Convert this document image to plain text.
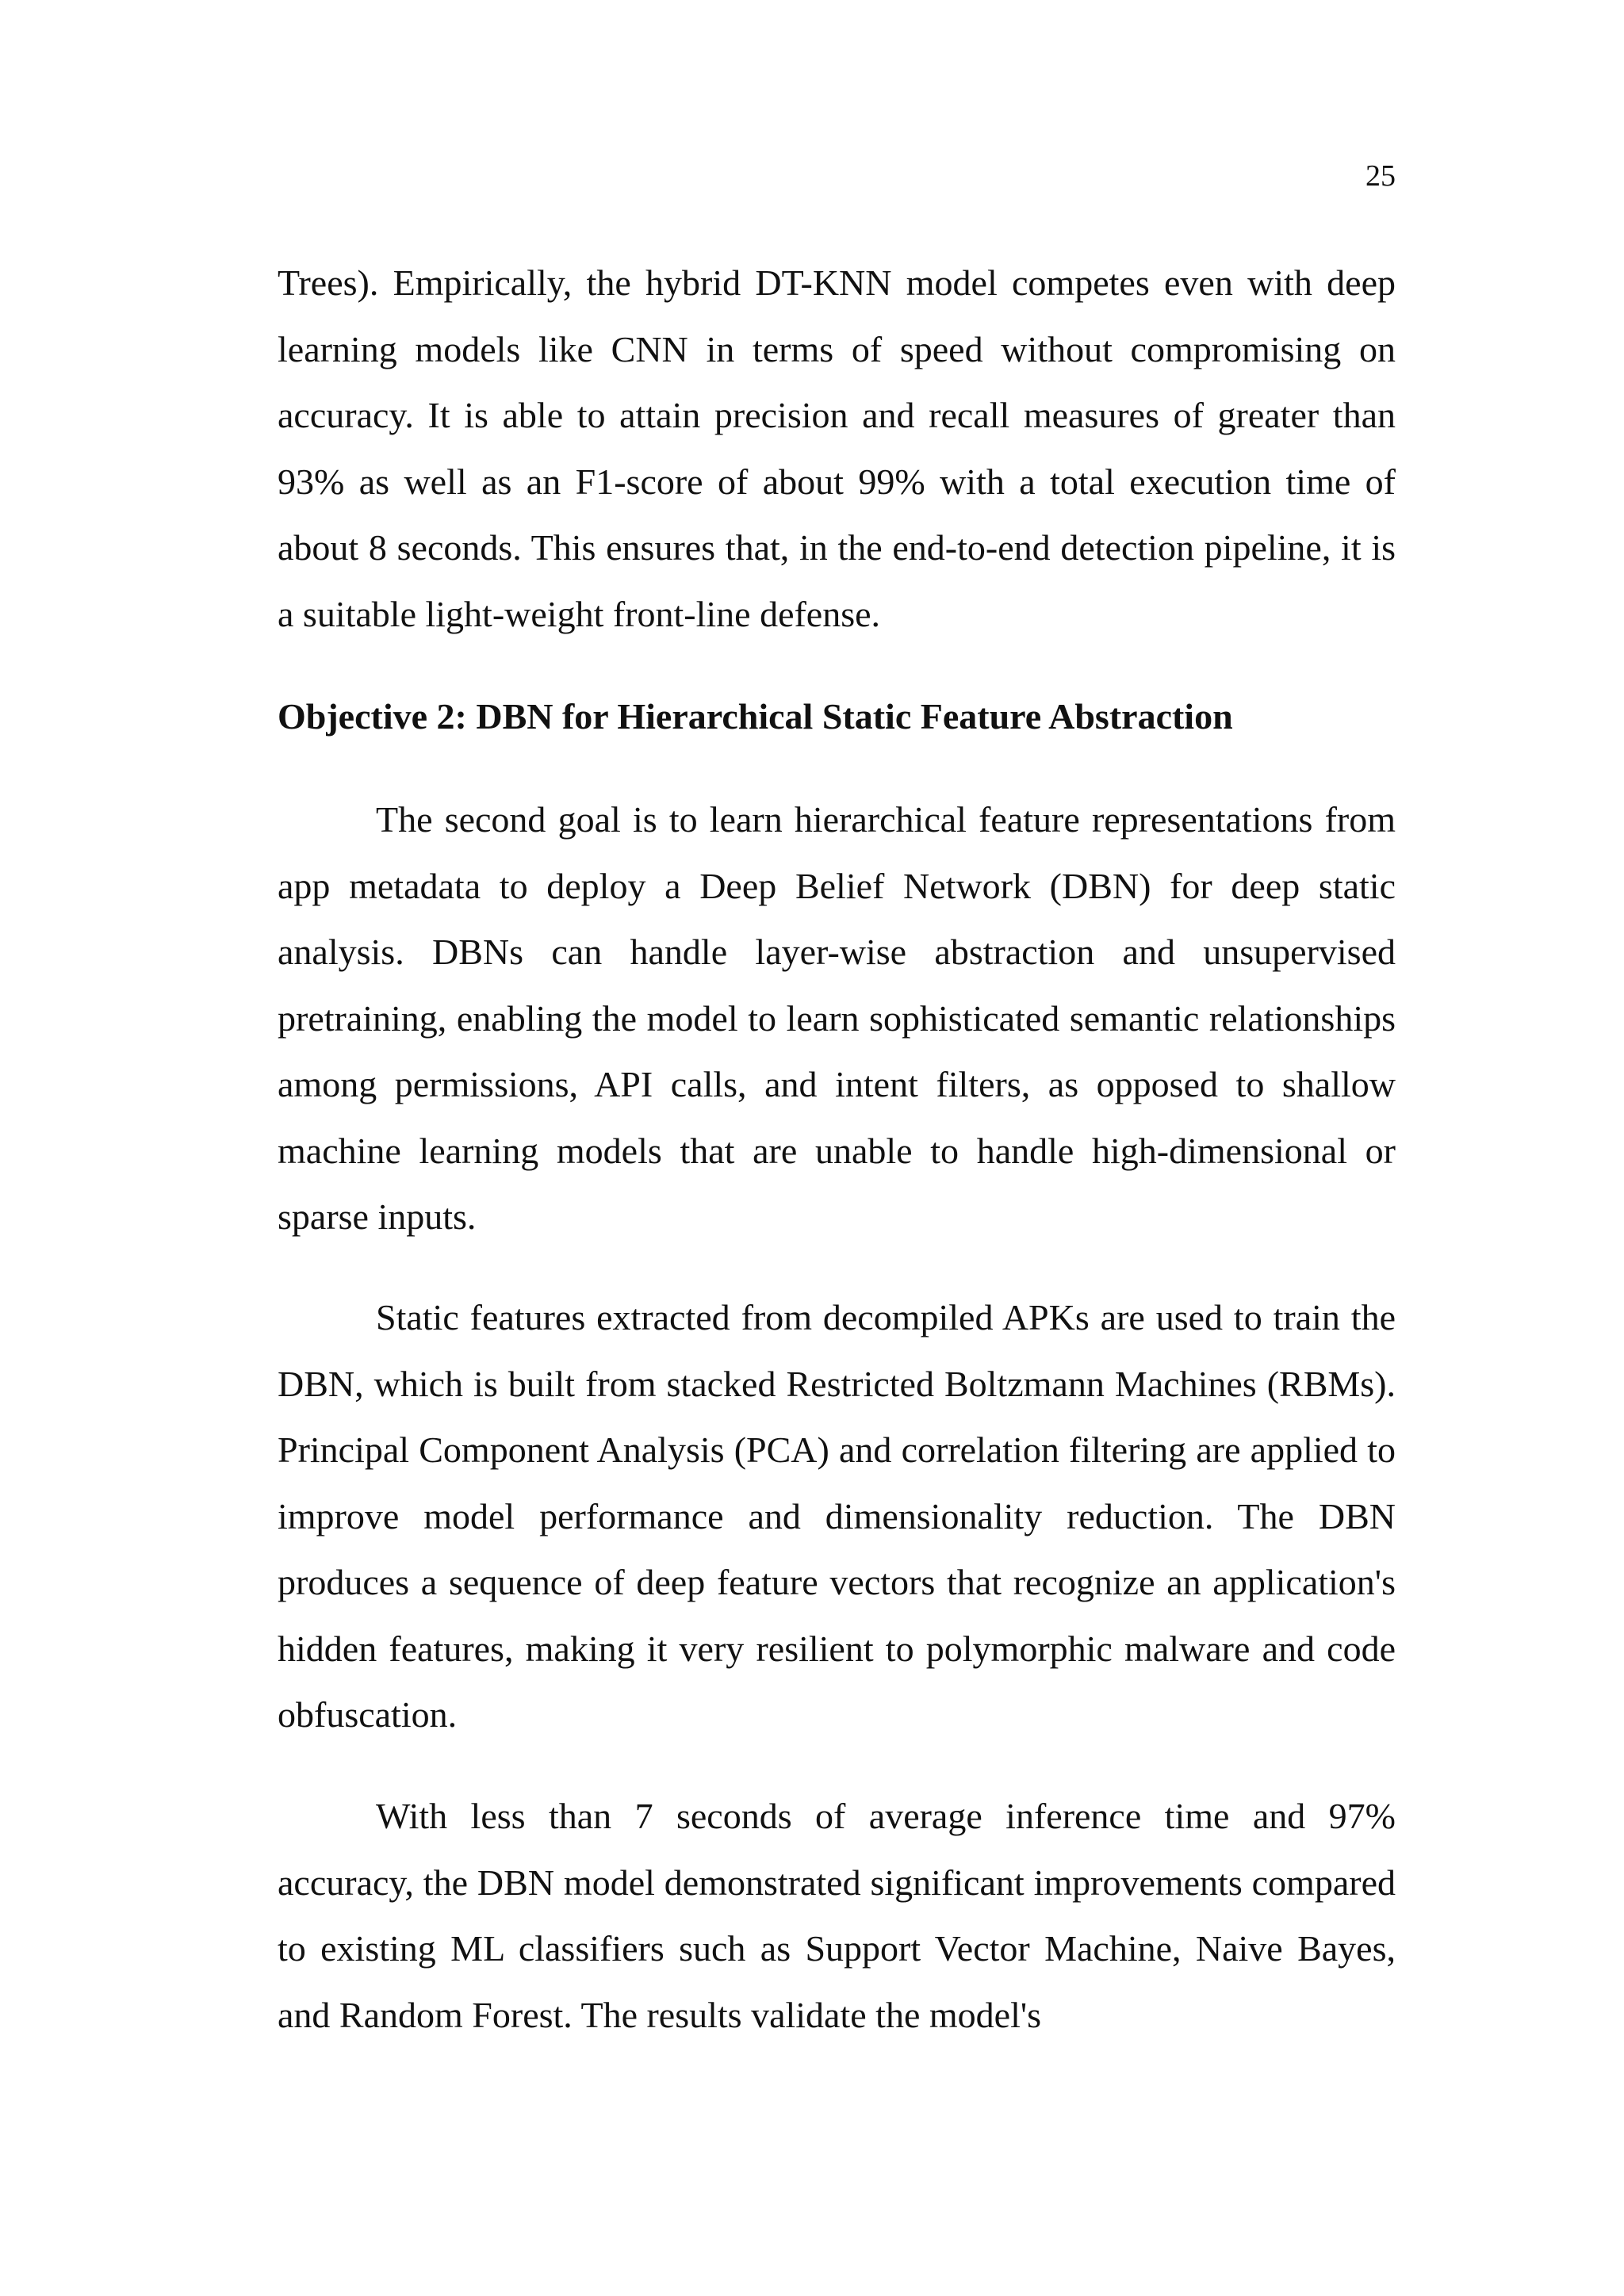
25

Trees). Empirically, the hybrid DT-KNN model competes even with deep learning models like CNN in terms of speed without compromising on accuracy. It is able to attain precision and recall measures of greater than 93% as well as an F1-score of about 99% with a total execution time of about 8 seconds. This ensures that, in the end-to-end detection pipeline, it is a suitable light-weight front-line defense.

Objective 2: DBN for Hierarchical Static Feature Abstraction

The second goal is to learn hierarchical feature representations from app metadata to deploy a Deep Belief Network (DBN) for deep static analysis. DBNs can handle layer-wise abstraction and unsupervised pretraining, enabling the model to learn sophisticated semantic relationships among permissions, API calls, and intent filters, as opposed to shallow machine learning models that are unable to handle high-dimensional or sparse inputs.

Static features extracted from decompiled APKs are used to train the DBN, which is built from stacked Restricted Boltzmann Machines (RBMs). Principal Component Analysis (PCA) and correlation filtering are applied to improve model performance and dimensionality reduction. The DBN produces a sequence of deep feature vectors that recognize an application's hidden features, making it very resilient to polymorphic malware and code obfuscation.

With less than 7 seconds of average inference time and 97% accuracy, the DBN model demonstrated significant improvements compared to existing ML classifiers such as Support Vector Machine, Naive Bayes, and Random Forest. The results validate the model's
